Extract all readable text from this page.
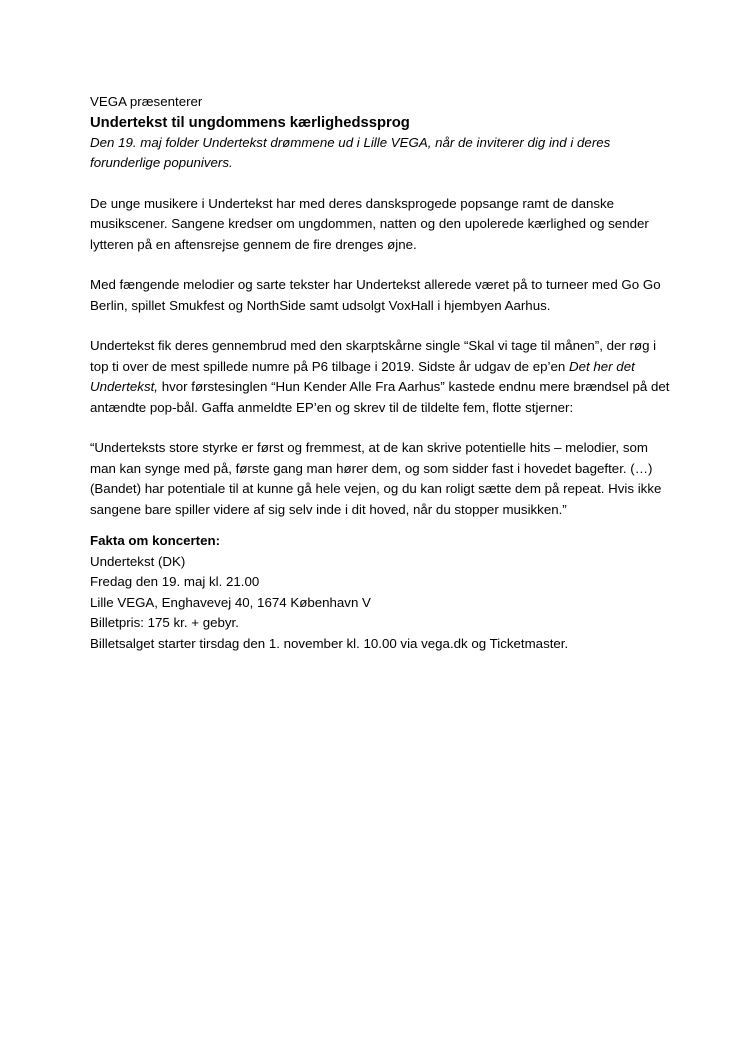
VEGA præsenterer

Undertekst til ungdommens kærlighedssprog

Den 19. maj folder Undertekst drømmene ud i Lille VEGA, når de inviterer dig ind i deres forunderlige popunivers.

De unge musikere i Undertekst har med deres dansksprogede popsange ramt de danske musikscener. Sangene kredser om ungdommen, natten og den upolerede kærlighed og sender lytteren på en aftensrejse gennem de fire drenges øjne.

Med fængende melodier og sarte tekster har Undertekst allerede været på to turneer med Go Go Berlin, spillet Smukfest og NorthSide samt udsolgt VoxHall i hjembyen Aarhus.

Undertekst fik deres gennembrud med den skarptskårne single “Skal vi tage til månen”, der røg i top ti over de mest spillede numre på P6 tilbage i 2019. Sidste år udgav de ep’en Det her det Undertekst, hvor førstesinglen “Hun Kender Alle Fra Aarhus” kastede endnu mere brændsel på det antændte pop-bål. Gaffa anmeldte EP’en og skrev til de tildelte fem, flotte stjerner:

“Underteksts store styrke er først og fremmest, at de kan skrive potentielle hits – melodier, som man kan synge med på, første gang man hører dem, og som sidder fast i hovedet bagefter. (…) (Bandet) har potentiale til at kunne gå hele vejen, og du kan roligt sætte dem på repeat. Hvis ikke sangene bare spiller videre af sig selv inde i dit hoved, når du stopper musikken.”

Fakta om koncerten:

Undertekst (DK)

Fredag den 19. maj kl. 21.00

Lille VEGA, Enghavevej 40, 1674 København V

Billetpris: 175 kr. + gebyr.

Billetsalget starter tirsdag den 1. november kl. 10.00 via vega.dk og Ticketmaster.
